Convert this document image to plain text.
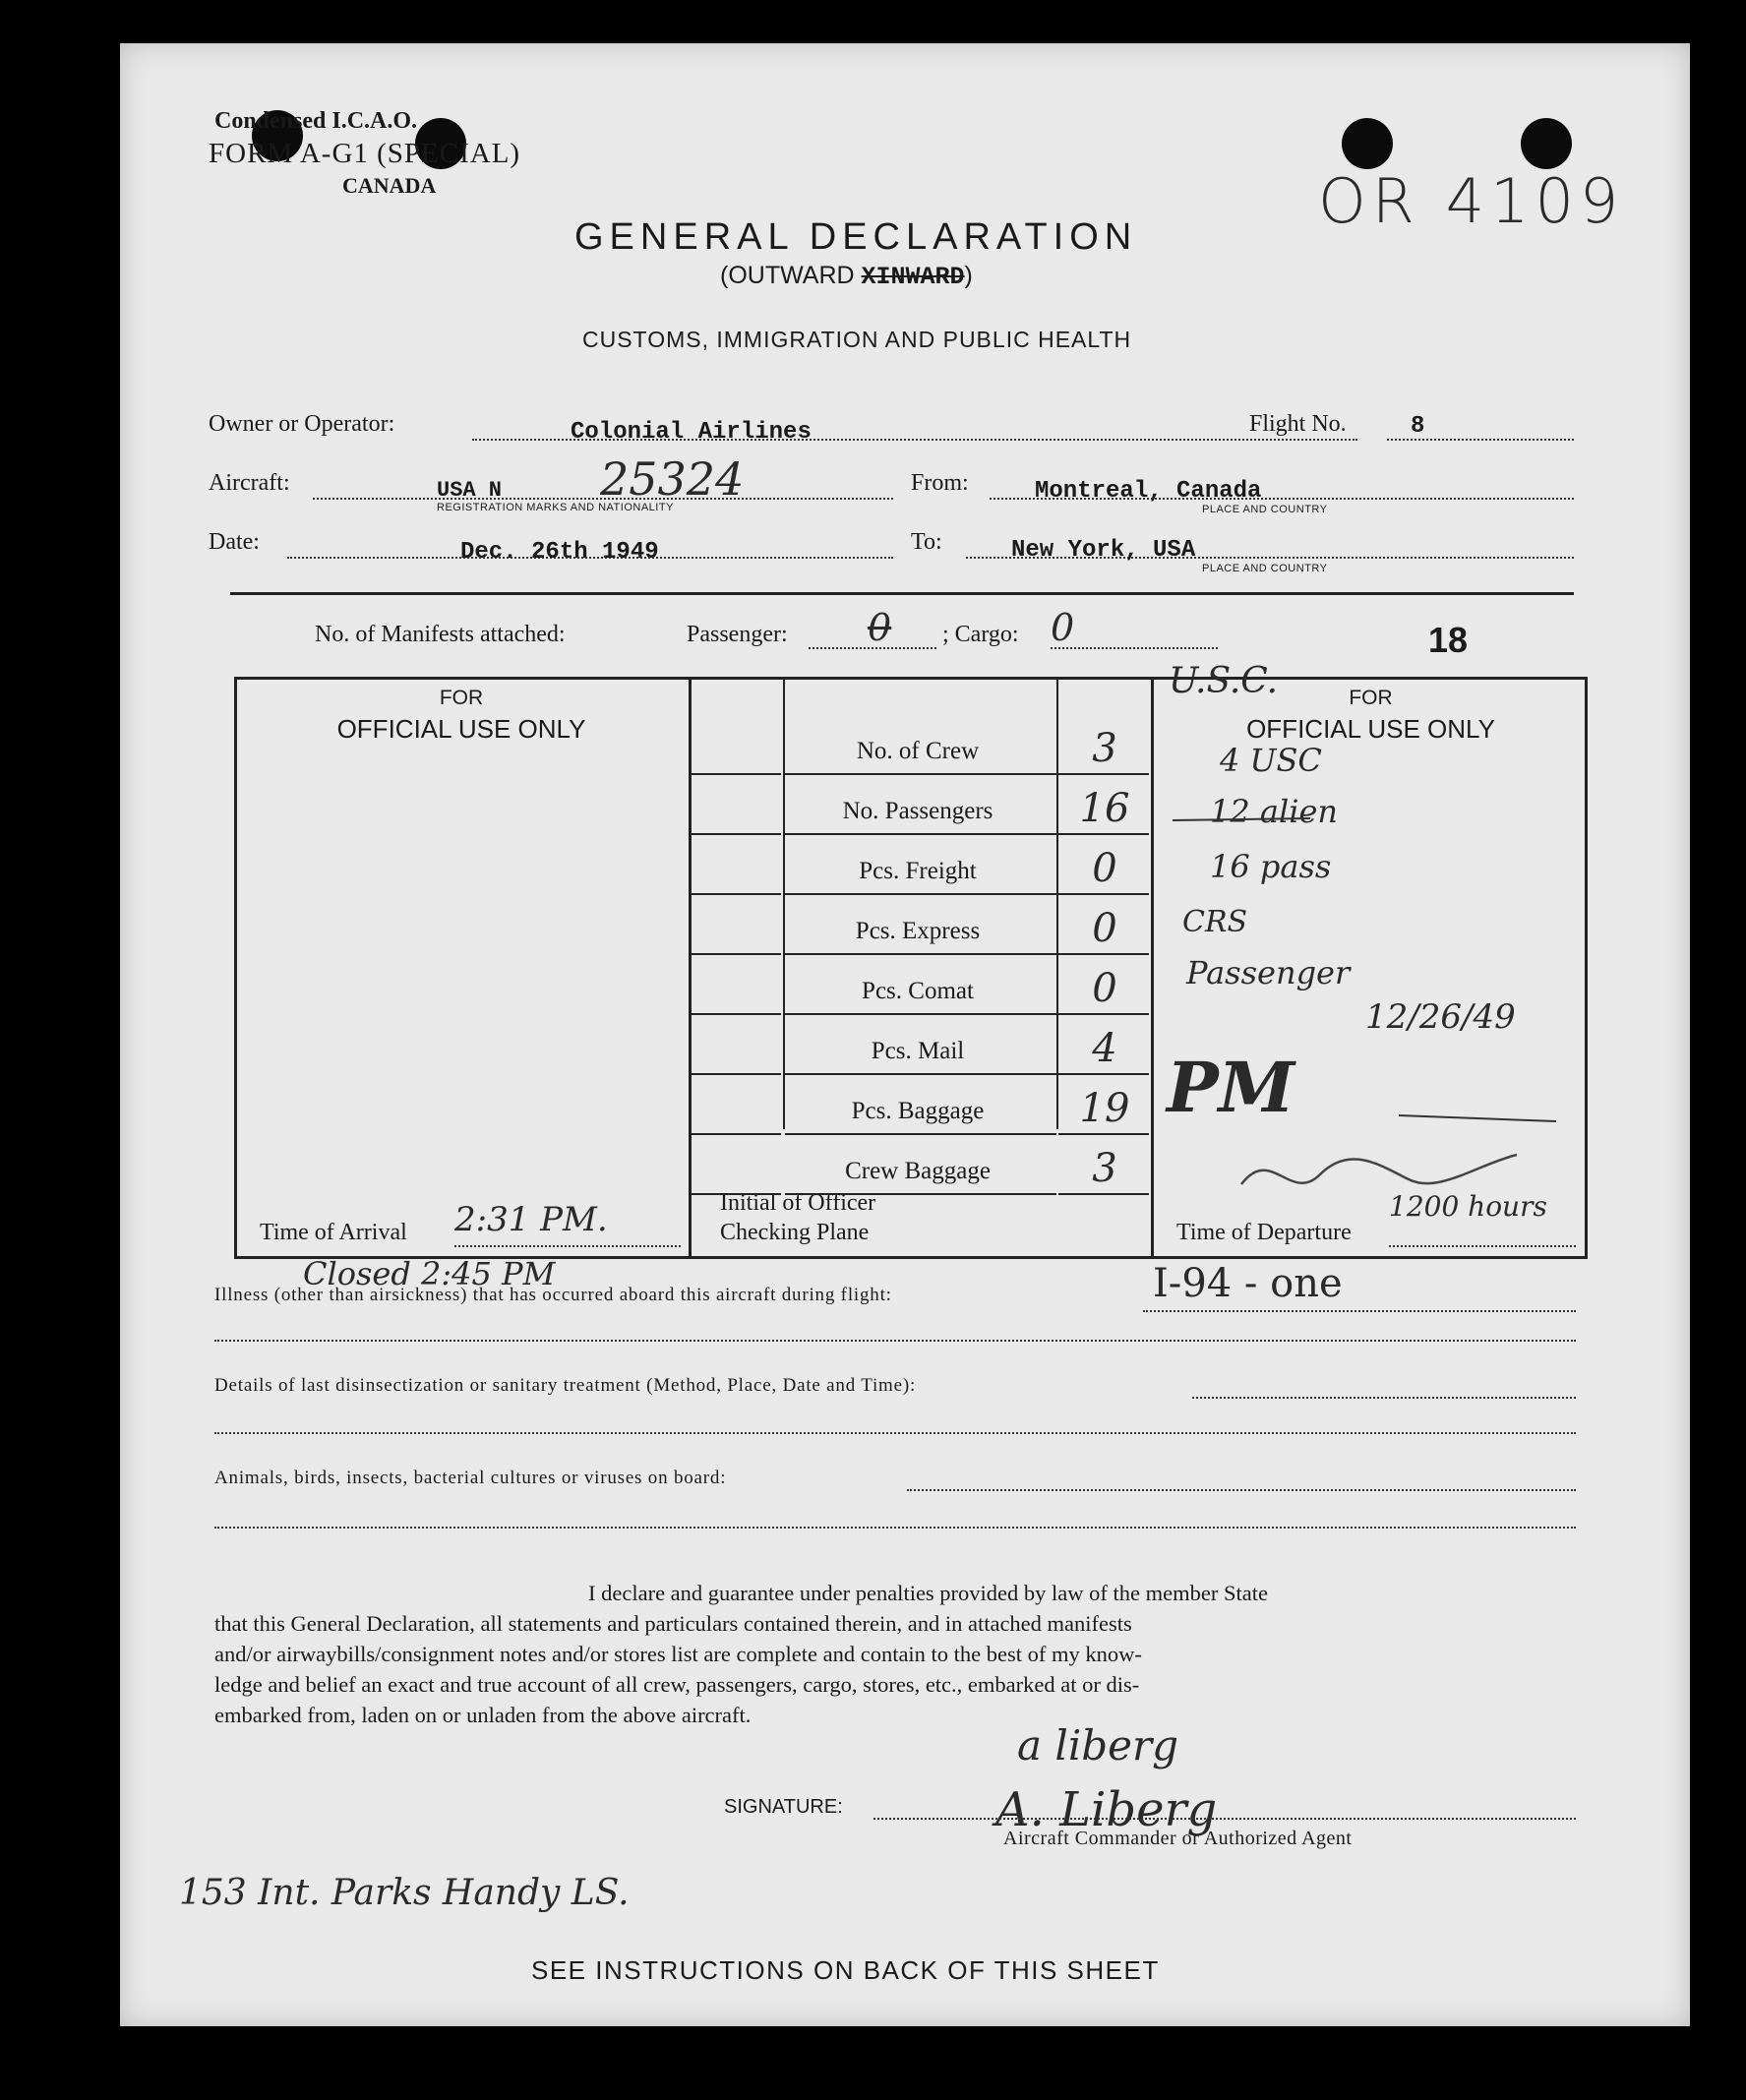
Condensed I.C.A.O.
FORM A-G1 (SPECIAL)
CANADA	OR 4109
GENERAL DECLARATION
(OUTWARD XINWARD)
CUSTOMS, IMMIGRATION AND PUBLIC HEALTH
Owner or Operator:	Colonial Airlines	Flight No.	8
Aircraft:	USA N 25324
REGISTRATION MARKS AND NATIONALITY
From:	Montreal, Canada
PLACE AND COUNTRY
Date:	Dec. 26th 1949	To:	New York, USA
PLACE AND COUNTRY
No. of Manifests attached:	Passenger: 0 ; Cargo: 0	18
FOR
OFFICIAL USE ONLY
FOR
OFFICIAL USE ONLY
No. of Crew	3
No. Passengers	16
Pcs. Freight	0
Pcs. Express	0
Pcs. Comat	0
Pcs. Mail	4
Pcs. Baggage	19
Crew Baggage	3
Time of Arrival 2:31 PM.	Initial of Officer
Checking Plane	Time of Departure
1200 hours
U.S.C.
4 USC
12 alien
16 pass
CRS
Passenger
12/26/49
PM
Closed 2:45 PM
Illness (other than airsickness) that has occurred aboard this aircraft during flight:	I-94 - one
Details of last disinsectization or sanitary treatment (Method, Place, Date and Time):
Animals, birds, insects, bacterial cultures or viruses on board:
I declare and guarantee under penalties provided by law of the member State
that this General Declaration, all statements and particulars contained therein, and in attached manifests
and/or airwaybills/consignment notes and/or stores list are complete and contain to the best of my know-
ledge and belief an exact and true account of all crew, passengers, cargo, stores, etc., embarked at or dis-
embarked from, laden on or unladen from the above aircraft.
a liberg
A. Liberg
SIGNATURE:
Aircraft Commander or Authorized Agent
153 Int. Parks Handy LS.
SEE INSTRUCTIONS ON BACK OF THIS SHEET
